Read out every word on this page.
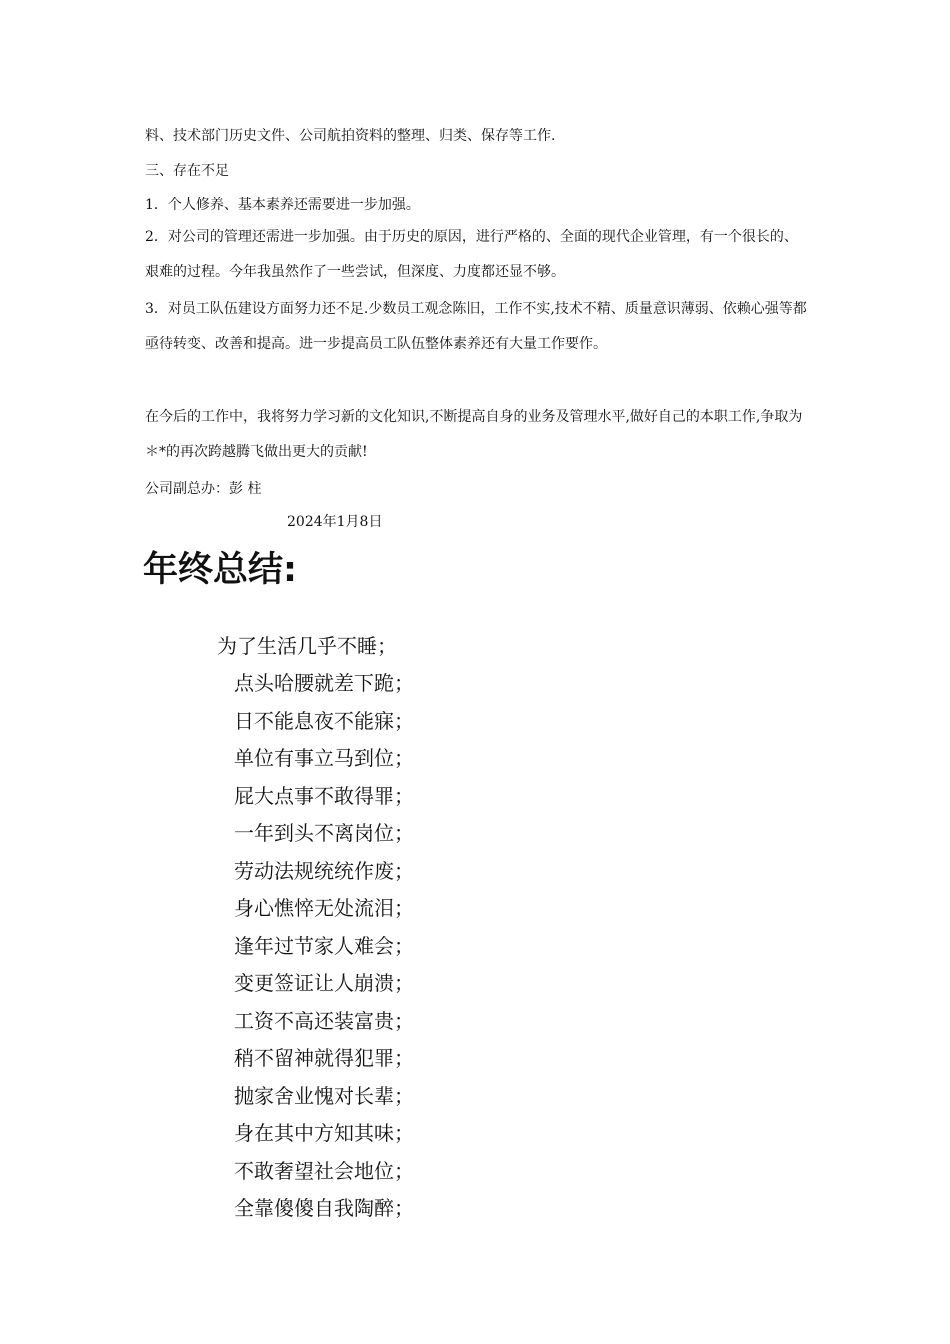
料、技术部门历史文件、公司航拍资料的整理、归类、保存等工作.

三、存在不足

1．个人修养、基本素养还需要进一步加强。

2．对公司的管理还需进一步加强。由于历史的原因，进行严格的、全面的现代企业管理，有一个很长的、艰难的过程。今年我虽然作了一些尝试，但深度、力度都还显不够。

3．对员工队伍建设方面努力还不足.少数员工观念陈旧，工作不实,技术不精、质量意识薄弱、依赖心强等都亟待转变、改善和提高。进一步提高员工队伍整体素养还有大量工作要作。

在今后的工作中，我将努力学习新的文化知识,不断提高自身的业务及管理水平,做好自己的本职工作,争取为＊*的再次跨越腾飞做出更大的贡献!

公司副总办：彭 柱

2024年1月8日
年终总结:
为了生活几乎不睡；
点头哈腰就差下跪；
日不能息夜不能寐；
单位有事立马到位；
屁大点事不敢得罪；
一年到头不离岗位；
劳动法规统统作废；
身心憔悴无处流泪；
逢年过节家人难会；
变更签证让人崩溃；
工资不高还装富贵；
稍不留神就得犯罪；
抛家舍业愧对长辈；
身在其中方知其味；
不敢奢望社会地位；
全靠傻傻自我陶醉；
